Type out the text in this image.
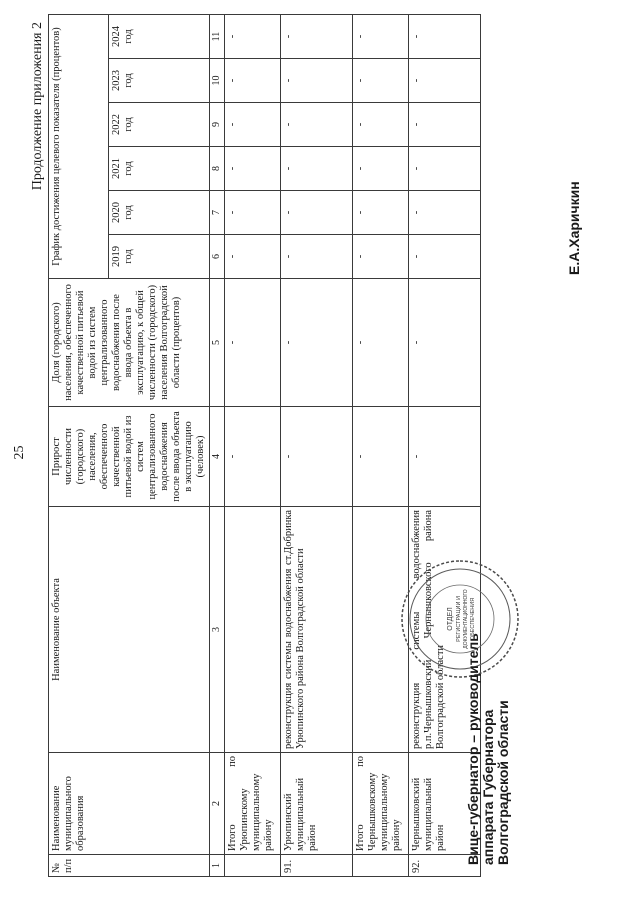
25
Продолжение приложения 2
№ п/п	Наименование муниципального образования	Наименование объекта	Прирост численности (городского) населения, обеспеченного качественной питьевой водой из систем централизованного водоснабжения после ввода объекта в эксплуатацию (человек)	Доля (городского) населения, обеспеченного качественной питьевой водой из систем централизованного водоснабжения после ввода объекта в эксплуатацию, к общей численности (городского) населения Волгоградской области (процентов)	График достижения целевого показателя (процентов)					
					2019 год	2020 год	2021 год	2022 год	2023 год	2024 год
1	2	3	4	5	6	7	8	9	10	11
	Итого по Урюпинскому муниципальному району		-	-	-	-	-	-	-	-
91.	Урюпинский муниципальный район	реконструкция системы водоснабжения ст.Добринка Урюпинского района Волгоградской области	-	-	-	-	-	-	-	-
	Итого по Чернышковскому муниципальному району		-	-	-	-	-	-	-	-
92.	Чернышковский муниципальный район	реконструкция системы водоснабжения р.п.Чернышковский Чернышковского района Волгоградской области	-	-	-	-	-	-	-	-
ОТДЕЛ РЕГИСТРАЦИИ И ДОКУМЕНТАЦИОННОГО ОБЕСПЕЧЕНИЯ
Вице-губернатор – руководитель аппарата Губернатора Волгоградской области
Е.А.Харичкин
